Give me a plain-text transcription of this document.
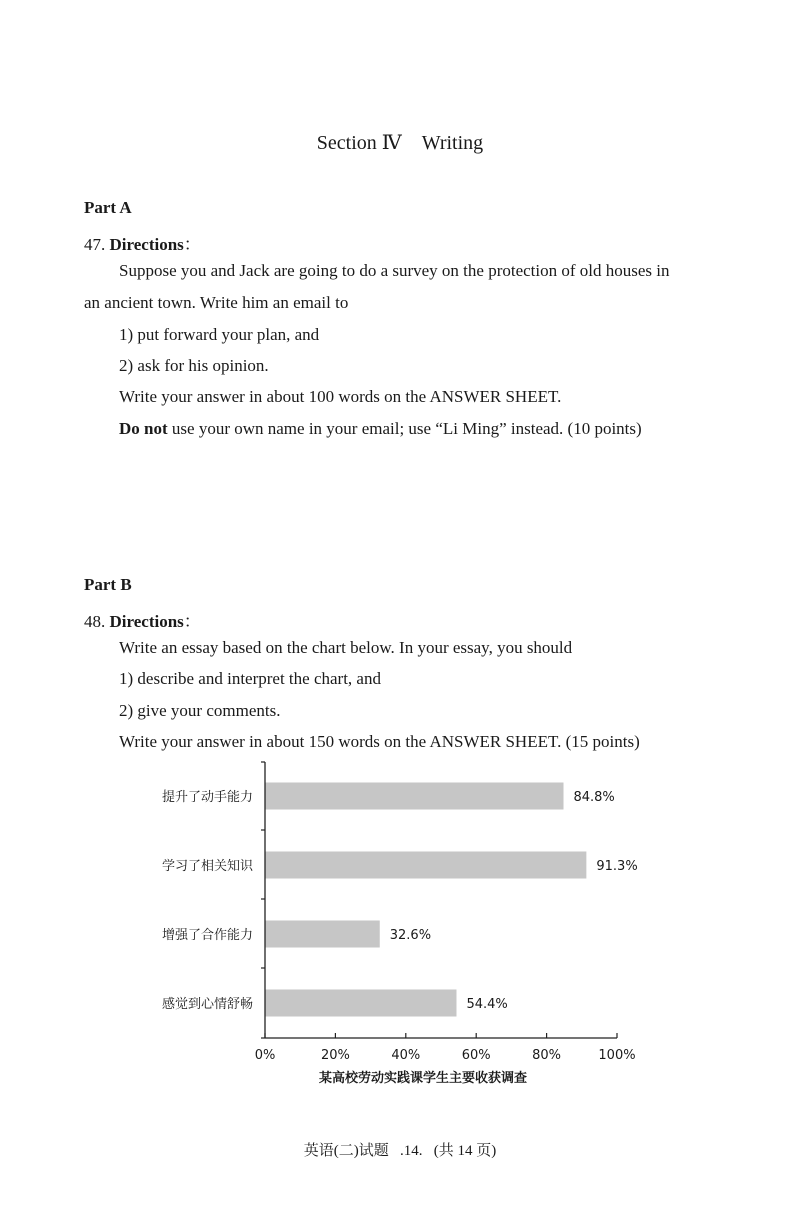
Section Ⅳ　Writing
Part A
47. Directions：
Suppose you and Jack are going to do a survey on the protection of old houses in
an ancient town. Write him an email to
1) put forward your plan, and
2) ask for his opinion.
Write your answer in about 100 words on the ANSWER SHEET.
Do not use your own name in your email; use “Li Ming” instead. (10 points)
Part B
48. Directions：
Write an essay based on the chart below. In your essay, you should
1) describe and interpret the chart, and
2) give your comments.
Write your answer in about 150 words on the ANSWER SHEET. (15 points)
84.8%
提升了动手能力
91.3%
学习了相关知识
32.6%
增强了合作能力
54.4%
感觉到心情舒畅
0%	20%	40%	60%	80%	100%
某高校劳动实践课学生主要收获调查
英语(二)试题 .14. (共 14 页)
